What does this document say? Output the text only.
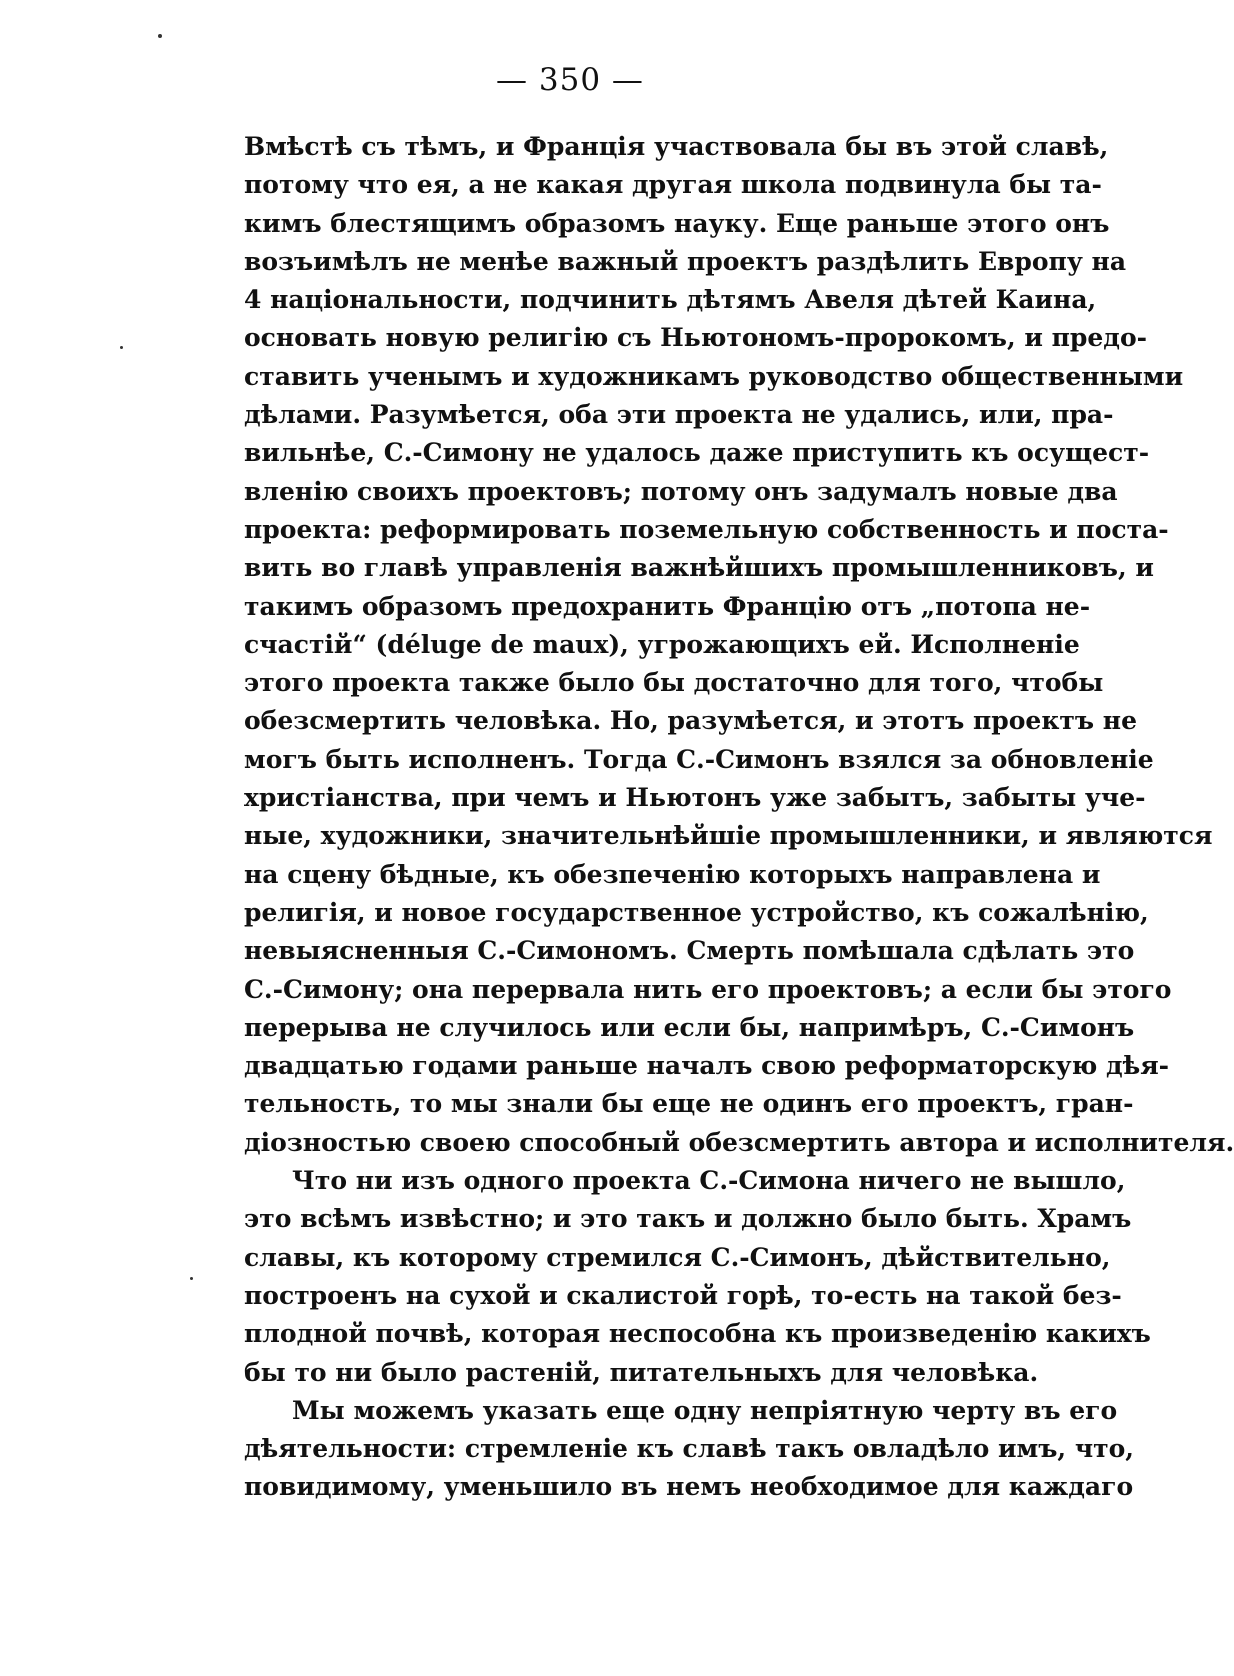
— 350 —
Вмѣстѣ съ тѣмъ, и Франція участвовала бы въ этой славѣ,
потому что ея, а не какая другая школа подвинула бы та-
кимъ блестящимъ образомъ науку. Еще раньше этого онъ
возъимѣлъ не менѣе важный проектъ раздѣлить Европу на
4 національности, подчинить дѣтямъ Авеля дѣтей Каина,
основать новую религію съ Ньютономъ-пророкомъ, и предо-
ставить ученымъ и художникамъ руководство общественными
дѣлами. Разумѣется, оба эти проекта не удались, или, пра-
вильнѣе, С.-Симону не удалось даже приступить къ осущест-
вленію своихъ проектовъ; потому онъ задумалъ новые два
проекта: реформировать поземельную собственность и поста-
вить во главѣ управленія важнѣйшихъ промышленниковъ, и
такимъ образомъ предохранить Францію отъ „потопа не-
счастій“ (déluge de maux), угрожающихъ ей. Исполненіе
этого проекта также было бы достаточно для того, чтобы
обезсмертить человѣка. Но, разумѣется, и этотъ проектъ не
могъ быть исполненъ. Тогда С.-Симонъ взялся за обновленіе
христіанства, при чемъ и Ньютонъ уже забытъ, забыты уче-
ные, художники, значительнѣйшіе промышленники, и являются
на сцену бѣдные, къ обезпеченію которыхъ направлена и
религія, и новое государственное устройство, къ сожалѣнію,
невыясненныя С.-Симономъ. Смерть помѣшала сдѣлать это
С.-Симону; она перервала нить его проектовъ; а если бы этого
перерыва не случилось или если бы, напримѣръ, С.-Симонъ
двадцатью годами раньше началъ свою реформаторскую дѣя-
тельность, то мы знали бы еще не одинъ его проектъ, гран-
діозностью своею способный обезсмертить автора и исполнителя.
Что ни изъ одного проекта С.-Симона ничего не вышло,
это всѣмъ извѣстно; и это такъ и должно было быть. Храмъ
славы, къ которому стремился С.-Симонъ, дѣйствительно,
построенъ на сухой и скалистой горѣ, то-есть на такой без-
плодной почвѣ, которая неспособна къ произведенію какихъ
бы то ни было растеній, питательныхъ для человѣка.
Мы можемъ указать еще одну непріятную черту въ его
дѣятельности: стремленіе къ славѣ такъ овладѣло имъ, что,
повидимому, уменьшило въ немъ необходимое для каждаго
